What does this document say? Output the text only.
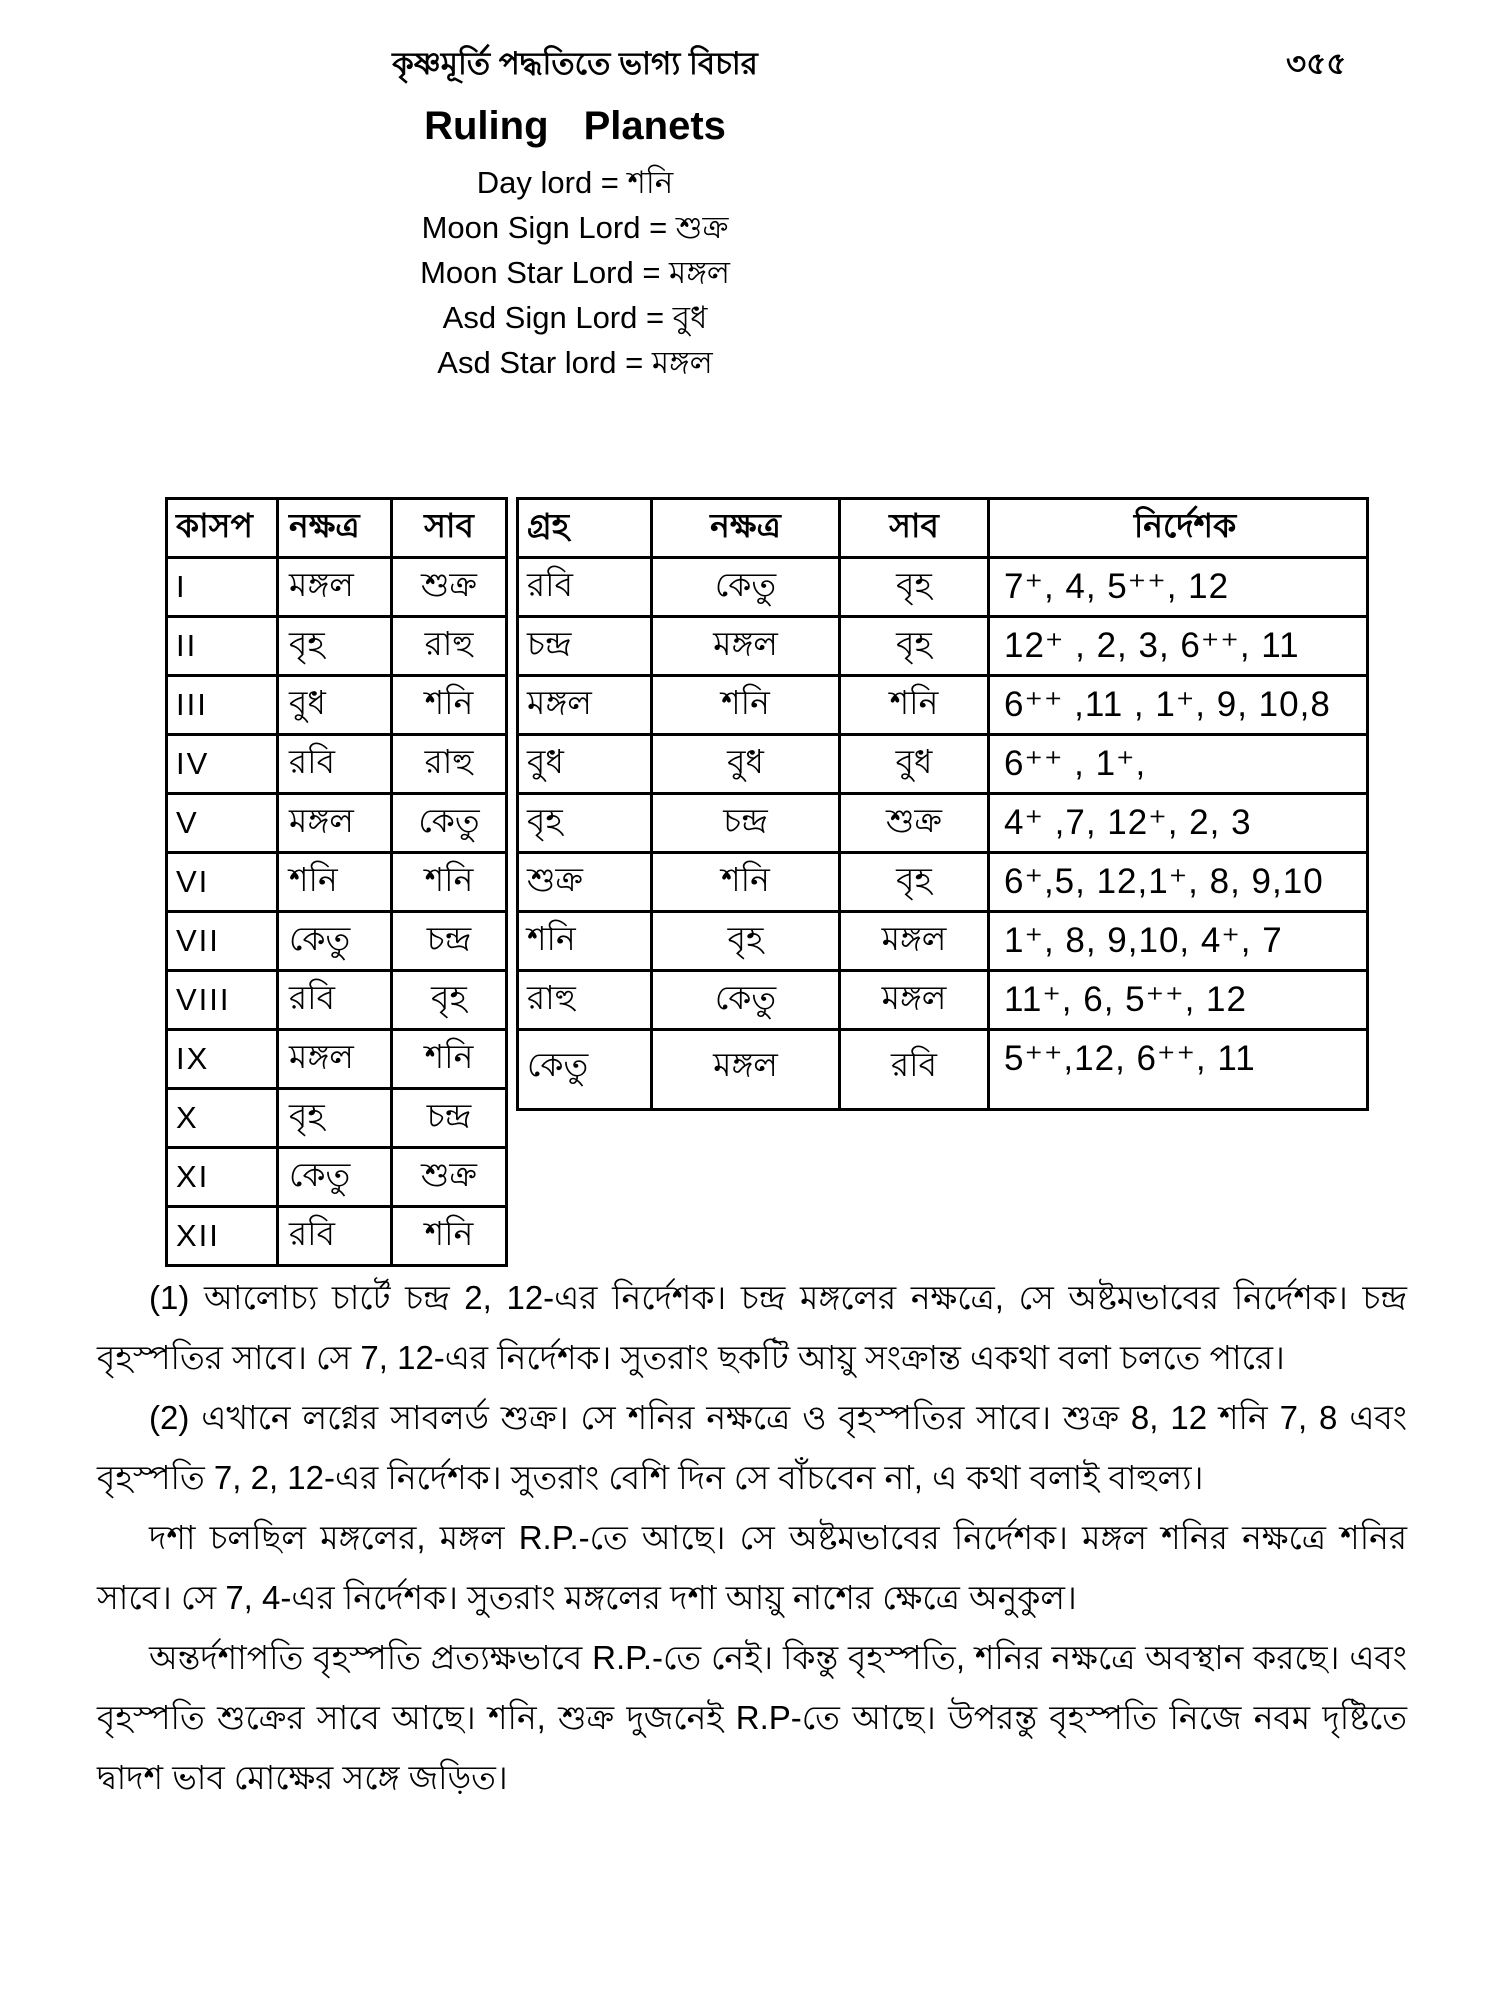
কৃষ্ণমূর্তি পদ্ধতিতে ভাগ্য বিচার	৩৫৫
Ruling Planets
Day lord = শনি
Moon Sign Lord = শুক্র
Moon Star Lord = মঙ্গল
Asd Sign Lord = বুধ
Asd Star lord = মঙ্গল
কাসপ	নক্ষত্র	সাব
I	মঙ্গল	শুক্র
II	বৃহ	রাহু
III	বুধ	শনি
IV	রবি	রাহু
V	মঙ্গল	কেতু
VI	শনি	শনি
VII	কেতু	চন্দ্র
VIII	রবি	বৃহ
IX	মঙ্গল	শনি
X	বৃহ	চন্দ্র
XI	কেতু	শুক্র
XII	রবি	শনি
গ্রহ	নক্ষত্র	সাব	নির্দেশক
রবি	কেতু	বৃহ	7⁺, 4, 5⁺⁺, 12
চন্দ্র	মঙ্গল	বৃহ	12⁺ , 2, 3, 6⁺⁺, 11
মঙ্গল	শনি	শনি	6⁺⁺ ,11 , 1⁺, 9, 10,8
বুধ	বুধ	বুধ	6⁺⁺ , 1⁺,
বৃহ	চন্দ্র	শুক্র	4⁺ ,7, 12⁺, 2, 3
শুক্র	শনি	বৃহ	6⁺,5, 12,1⁺, 8, 9,10
শনি	বৃহ	মঙ্গল	1⁺, 8, 9,10, 4⁺, 7
রাহু	কেতু	মঙ্গল	11⁺, 6, 5⁺⁺, 12
কেতু	মঙ্গল	রবি	5⁺⁺,12, 6⁺⁺, 11

(1) আলোচ্য চার্টে চন্দ্র 2, 12-এর নির্দেশক। চন্দ্র মঙ্গলের নক্ষত্রে, সে অষ্টমভাবের নির্দেশক। চন্দ্র বৃহস্পতির সাবে। সে 7, 12-এর নির্দেশক। সুতরাং ছকটি আয়ু সংক্রান্ত একথা বলা চলতে পারে।

(2) এখানে লগ্নের সাবলর্ড শুক্র। সে শনির নক্ষত্রে ও বৃহস্পতির সাবে। শুক্র 8, 12 শনি 7, 8 এবং বৃহস্পতি 7, 2, 12-এর নির্দেশক। সুতরাং বেশি দিন সে বাঁচবেন না, এ কথা বলাই বাহুল্য।

দশা চলছিল মঙ্গলের, মঙ্গল R.P.-তে আছে। সে অষ্টমভাবের নির্দেশক। মঙ্গল শনির নক্ষত্রে শনির সাবে। সে 7, 4-এর নির্দেশক। সুতরাং মঙ্গলের দশা আয়ু নাশের ক্ষেত্রে অনুকুল।

অন্তর্দশাপতি বৃহস্পতি প্রত্যক্ষভাবে R.P.-তে নেই। কিন্তু বৃহস্পতি, শনির নক্ষত্রে অবস্থান করছে। এবং বৃহস্পতি শুক্রের সাবে আছে। শনি, শুক্র দুজনেই R.P-তে আছে। উপরন্তু বৃহস্পতি নিজে নবম দৃষ্টিতে দ্বাদশ ভাব মোক্ষের সঙ্গে জড়িত।
